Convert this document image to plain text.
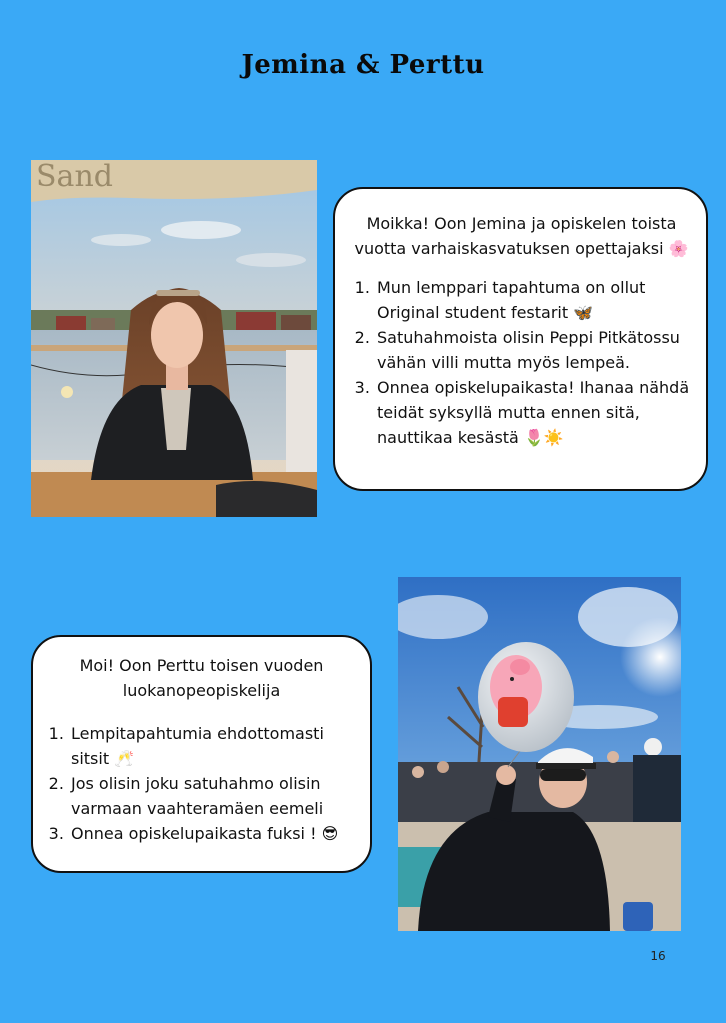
Jemina & Perttu
Sand
Moikka! Oon Jemina ja opiskelen toista vuotta varhaiskasvatuksen opettajaksi 🌸
1. Mun lemppari tapahtuma on ollut Original student festarit 🦋
2. Satuhahmoista olisin Peppi Pitkätossu vähän villi mutta myös lempeä.
3. Onnea opiskelupaikasta! Ihanaa nähdä teidät syksyllä mutta ennen sitä, nauttikaa kesästä 🌷☀️
Moi! Oon Perttu toisen vuoden luokanopeopiskelija
1. Lempitapahtumia ehdottomasti sitsit 🥂
2. Jos olisin joku satuhahmo olisin varmaan vaahteramäen eemeli
3. Onnea opiskelupaikasta fuksi ! 😎
16
